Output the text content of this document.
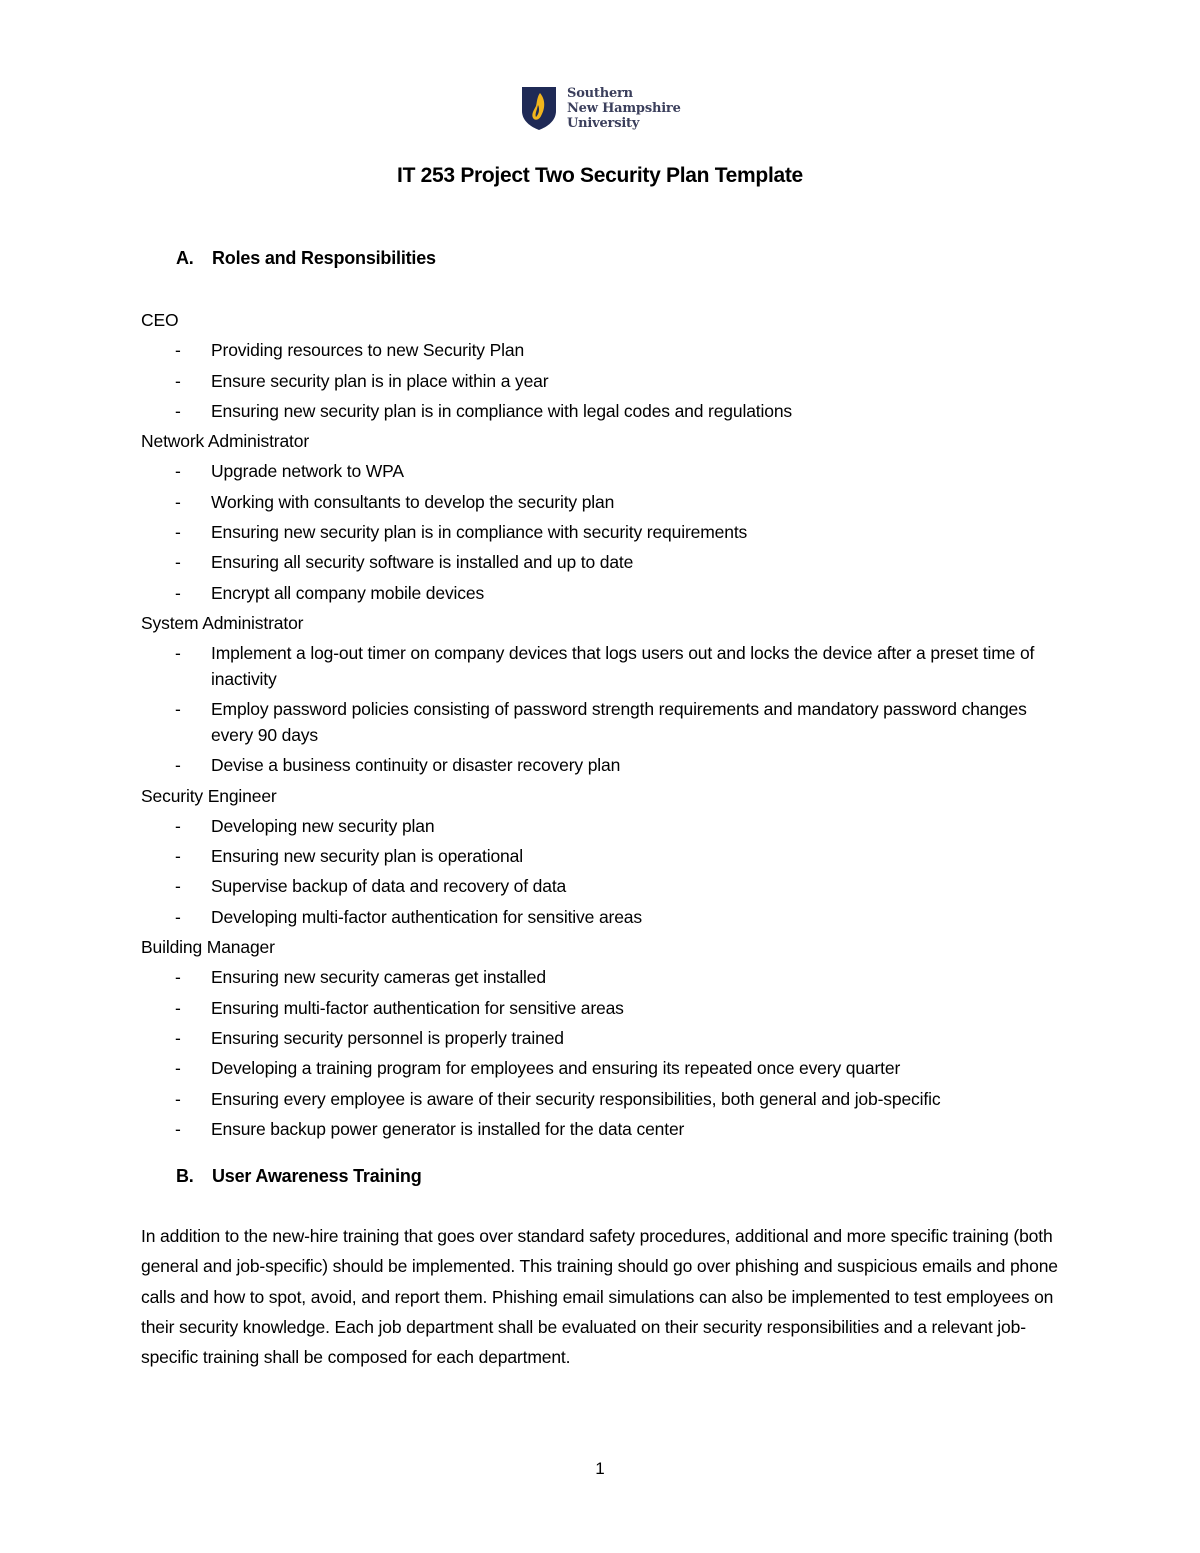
Southern
New Hampshire
University
IT 253 Project Two Security Plan Template
A. Roles and Responsibilities
CEO
- Providing resources to new Security Plan
- Ensure security plan is in place within a year
- Ensuring new security plan is in compliance with legal codes and regulations
Network Administrator
- Upgrade network to WPA
- Working with consultants to develop the security plan
- Ensuring new security plan is in compliance with security requirements
- Ensuring all security software is installed and up to date
- Encrypt all company mobile devices
System Administrator
- Implement a log-out timer on company devices that logs users out and locks the device after a preset time of inactivity
- Employ password policies consisting of password strength requirements and mandatory password changes every 90 days
- Devise a business continuity or disaster recovery plan
Security Engineer
- Developing new security plan
- Ensuring new security plan is operational
- Supervise backup of data and recovery of data
- Developing multi-factor authentication for sensitive areas
Building Manager
- Ensuring new security cameras get installed
- Ensuring multi-factor authentication for sensitive areas
- Ensuring security personnel is properly trained
- Developing a training program for employees and ensuring its repeated once every quarter
- Ensuring every employee is aware of their security responsibilities, both general and job-specific
- Ensure backup power generator is installed for the data center
B. User Awareness Training

In addition to the new-hire training that goes over standard safety procedures, additional and more specific training (both general and job-specific) should be implemented. This training should go over phishing and suspicious emails and phone calls and how to spot, avoid, and report them. Phishing email simulations can also be implemented to test employees on their security knowledge. Each job department shall be evaluated on their security responsibilities and a relevant job-specific training shall be composed for each department.

1
